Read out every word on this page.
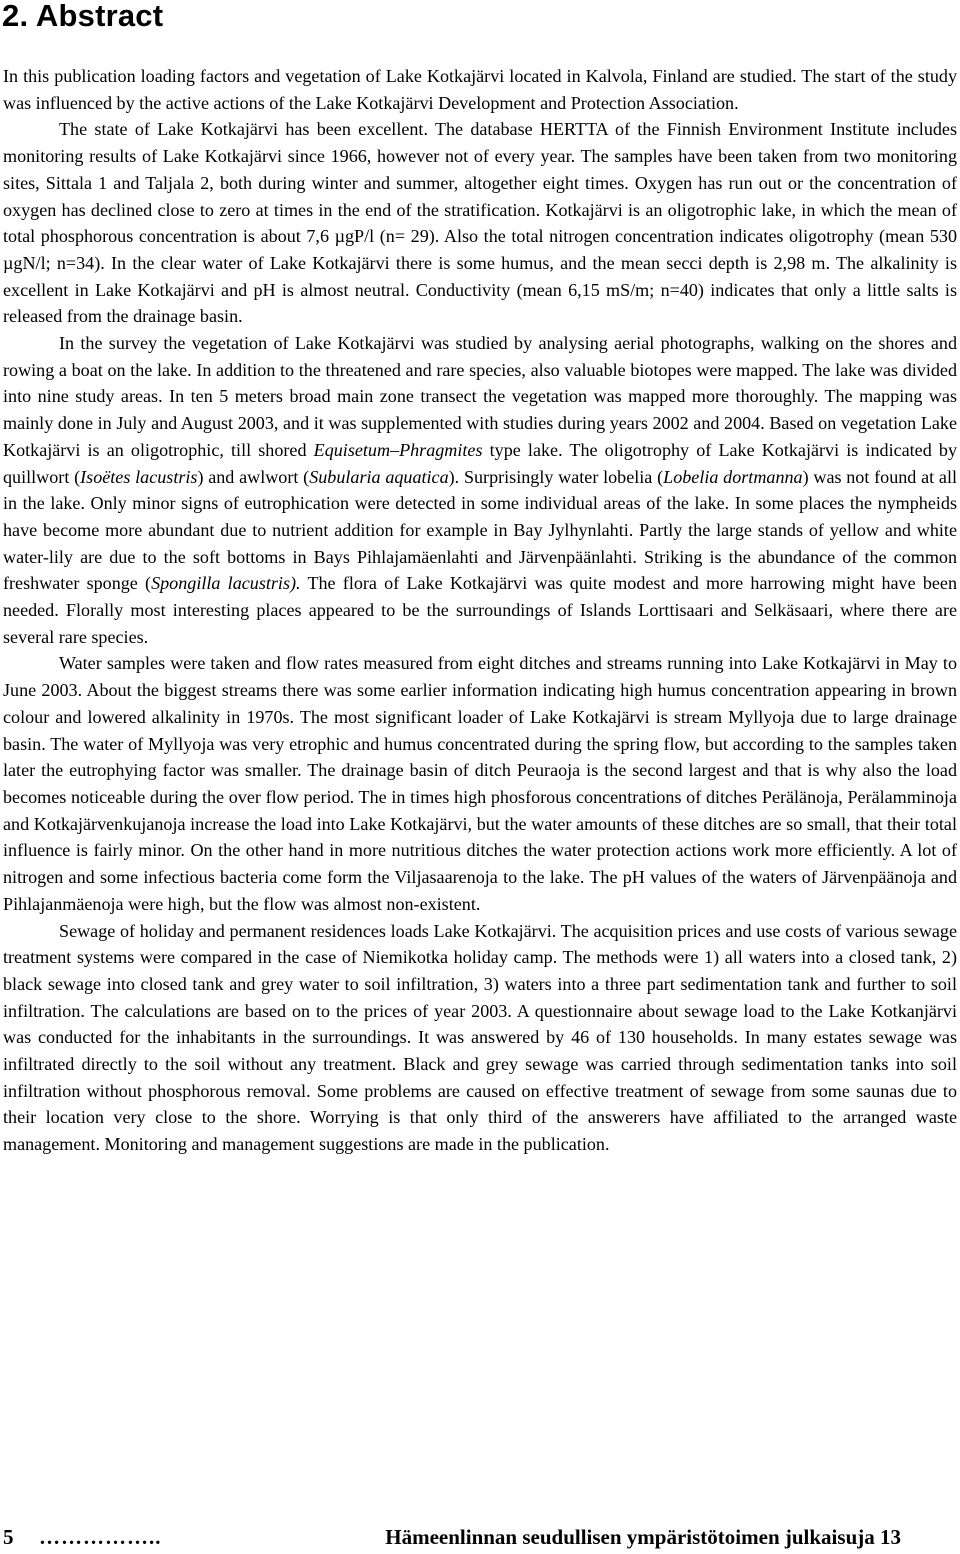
2. Abstract

In this publication loading factors and vegetation of Lake Kotkajärvi located in Kalvola, Finland are studied. The start of the study was influenced by the active actions of the Lake Kotkajärvi Development and Protection Association.

The state of Lake Kotkajärvi has been excellent. The database HERTTA of the Finnish Environment Institute includes monitoring results of Lake Kotkajärvi since 1966, however not of every year. The samples have been taken from two monitoring sites, Sittala 1 and Taljala 2, both during winter and summer, altogether eight times. Oxygen has run out or the concentration of oxygen has declined close to zero at times in the end of the stratification. Kotkajärvi is an oligotrophic lake, in which the mean of total phosphorous concentration is about 7,6 µgP/l (n= 29). Also the total nitrogen concentration indicates oligotrophy (mean 530 µgN/l; n=34). In the clear water of Lake Kotkajärvi there is some humus, and the mean secci depth is 2,98 m. The alkalinity is excellent in Lake Kotkajärvi and pH is almost neutral. Conductivity (mean 6,15 mS/m; n=40) indicates that only a little salts is released from the drainage basin.

In the survey the vegetation of Lake Kotkajärvi was studied by analysing aerial photographs, walking on the shores and rowing a boat on the lake. In addition to the threatened and rare species, also valuable biotopes were mapped. The lake was divided into nine study areas. In ten 5 meters broad main zone transect the vegetation was mapped more thoroughly. The mapping was mainly done in July and August 2003, and it was supplemented with studies during years 2002 and 2004. Based on vegetation Lake Kotkajärvi is an oligotrophic, till shored Equisetum–Phragmites type lake. The oligotrophy of Lake Kotkajärvi is indicated by quillwort (Isoëtes lacustris) and awlwort (Subularia aquatica). Surprisingly water lobelia (Lobelia dortmanna) was not found at all in the lake. Only minor signs of eutrophication were detected in some individual areas of the lake. In some places the nympheids have become more abundant due to nutrient addition for example in Bay Jylhynlahti. Partly the large stands of yellow and white water-lily are due to the soft bottoms in Bays Pihlajamäenlahti and Järvenpäänlahti. Striking is the abundance of the common freshwater sponge (Spongilla lacustris). The flora of Lake Kotkajärvi was quite modest and more harrowing might have been needed. Florally most interesting places appeared to be the surroundings of Islands Lorttisaari and Selkäsaari, where there are several rare species.

Water samples were taken and flow rates measured from eight ditches and streams running into Lake Kotkajärvi in May to June 2003. About the biggest streams there was some earlier information indicating high humus concentration appearing in brown colour and lowered alkalinity in 1970s. The most significant loader of Lake Kotkajärvi is stream Myllyoja due to large drainage basin. The water of Myllyoja was very etrophic and humus concentrated during the spring flow, but according to the samples taken later the eutrophying factor was smaller. The drainage basin of ditch Peuraoja is the second largest and that is why also the load becomes noticeable during the over flow period. The in times high phosforous concentrations of ditches Perälänoja, Perälamminoja and Kotkajärvenkujanoja increase the load into Lake Kotkajärvi, but the water amounts of these ditches are so small, that their total influence is fairly minor. On the other hand in more nutritious ditches the water protection actions work more efficiently. A lot of nitrogen and some infectious bacteria come form the Viljasaarenoja to the lake. The pH values of the waters of Järvenpäänoja and Pihlajanmäenoja were high, but the flow was almost non-existent.

Sewage of holiday and permanent residences loads Lake Kotkajärvi. The acquisition prices and use costs of various sewage treatment systems were compared in the case of Niemikotka holiday camp. The methods were 1) all waters into a closed tank, 2) black sewage into closed tank and grey water to soil infiltration, 3) waters into a three part sedimentation tank and further to soil infiltration. The calculations are based on to the prices of year 2003. A questionnaire about sewage load to the Lake Kotkanjärvi was conducted for the inhabitants in the surroundings. It was answered by 46 of 130 households. In many estates sewage was infiltrated directly to the soil without any treatment. Black and grey sewage was carried through sedimentation tanks into soil infiltration without phosphorous removal. Some problems are caused on effective treatment of sewage from some saunas due to their location very close to the shore. Worrying is that only third of the answerers have affiliated to the arranged waste management. Monitoring and management suggestions are made in the publication.

5 ……………..	Hämeenlinnan seudullisen ympäristötoimen julkaisuja 13
